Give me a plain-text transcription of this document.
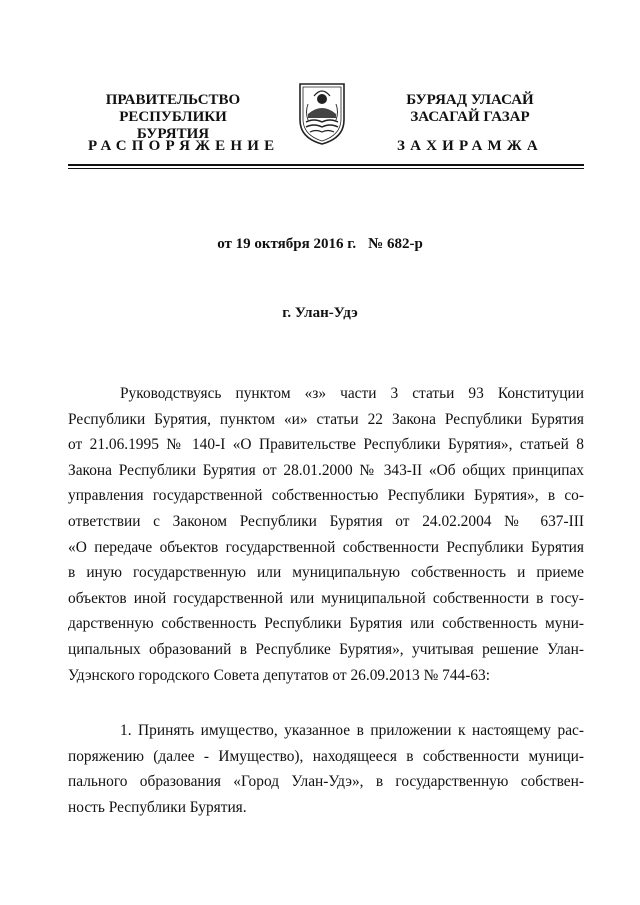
ПРАВИТЕЛЬСТВО
РЕСПУБЛИКИ БУРЯТИЯ
БУРЯАД УЛАСАЙ
ЗАСАГАЙ ГАЗАР
РАСПОРЯЖЕНИЕ	ЗАХИРАМЖА
от 19 октября 2016 г. № 682-р
г. Улан-Удэ
Руководствуясь пунктом «з» части 3 статьи 93 Конституции
Республики Бурятия, пунктом «и» статьи 22 Закона Республики Бурятия
от 21.06.1995 № 140-I «О Правительстве Республики Бурятия», статьей 8
Закона Республики Бурятия от 28.01.2000 № 343-II «Об общих принципах
управления государственной собственностью Республики Бурятия», в со-
ответствии с Законом Республики Бурятия от 24.02.2004 № 637-III
«О передаче объектов государственной собственности Республики Бурятия
в иную государственную или муниципальную собственность и приеме
объектов иной государственной или муниципальной собственности в госу-
дарственную собственность Республики Бурятия или собственность муни-
ципальных образований в Республике Бурятия», учитывая решение Улан-
Удэнского городского Совета депутатов от 26.09.2013 № 744-63:
1. Принять имущество, указанное в приложении к настоящему рас-
поряжению (далее - Имущество), находящееся в собственности муници-
пального образования «Город Улан-Удэ», в государственную собствен-
ность Республики Бурятия.
